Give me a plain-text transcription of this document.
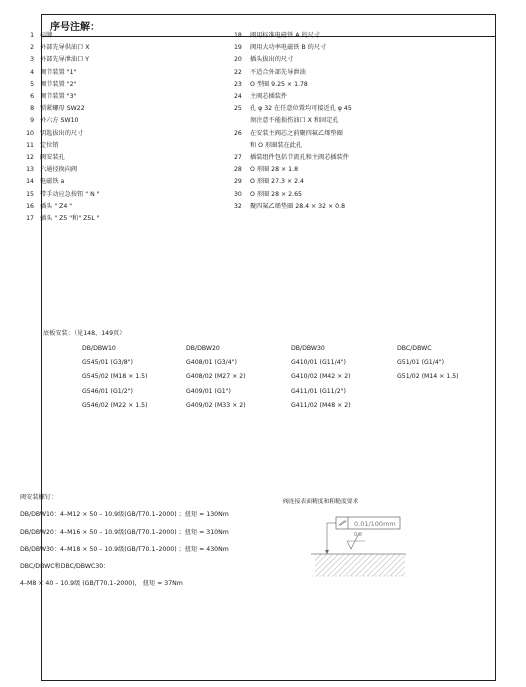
序号注解：
1 标牌
2 外部先导供油口 X
3 外部先导泄油口 Y
4 调节装置 "1"
5 调节装置 "2"
6 调节装置 "3"
8 锁紧螺母 SW22
9 外六方 SW10
10 钥匙拔出的尺寸
11 定位销
12 阀安装孔
13 六通径换向阀
14 电磁铁 a
15 带手动应急按钮 " N "
16 插头 " Z4 "
17 插头 " Z5 "和" Z5L "
18 阀用标准电磁铁 A 的尺寸
19 阀用大功率电磁铁 B 的尺寸
20 插头拔出的尺寸
22 不适合外部先导泄油
23 O 型圈 9.25 × 1.78
24 主阀芯插装件
25 孔 φ 32 在任意位置均可接近孔 φ 45
须注意不能损伤油口 X 和固定孔
26 在安装主阀芯之前聚四氟乙烯垫圈
和 O 形圈装在此孔
27 插装组件包括节流孔和主阀芯插装件
28 O 形圈 28 × 1.8
29 O 形圈 27.3 × 2.4
30 O 形圈 28 × 2.65
32 聚四氟乙烯垫圈 28.4 × 32 × 0.8
底板安装：（见148、149页）
DB/DBW10
G545/01 (G3/8")
G545/02 (M18 × 1.5)
G546/01 (G1/2")
G546/02 (M22 × 1.5)
DB/DBW20
G408/01 (G3/4")
G408/02 (M27 × 2)
G409/01 (G1")
G409/02 (M33 × 2)
DB/DBW30
G410/01 (G11/4")
G410/02 (M42 × 2)
G411/01 (G11/2")
G411/02 (M48 × 2)
DBC/DBWC
G51/01 (G1/4")
G51/02 (M14 × 1.5)
阀安装螺钉：
DB/DBW10：4–M12 × 50 – 10.9级(GB/T70.1–2000) ；扭矩 = 130Nm
DB/DBW20：4–M16 × 50 – 10.9级(GB/T70.1–2000) ；扭矩 = 310Nm
DB/DBW30：4–M18 × 50 – 10.9级(GB/T70.1–2000) ；扭矩 = 430Nm
DBC/DBWC和DBC/DBWC30：
4–M8 × 40 – 10.9级 (GB/T70.1–2000)， 扭矩 = 37Nm
阀连接表面精度和粗糙度要求
0.01/100mm
0.8
